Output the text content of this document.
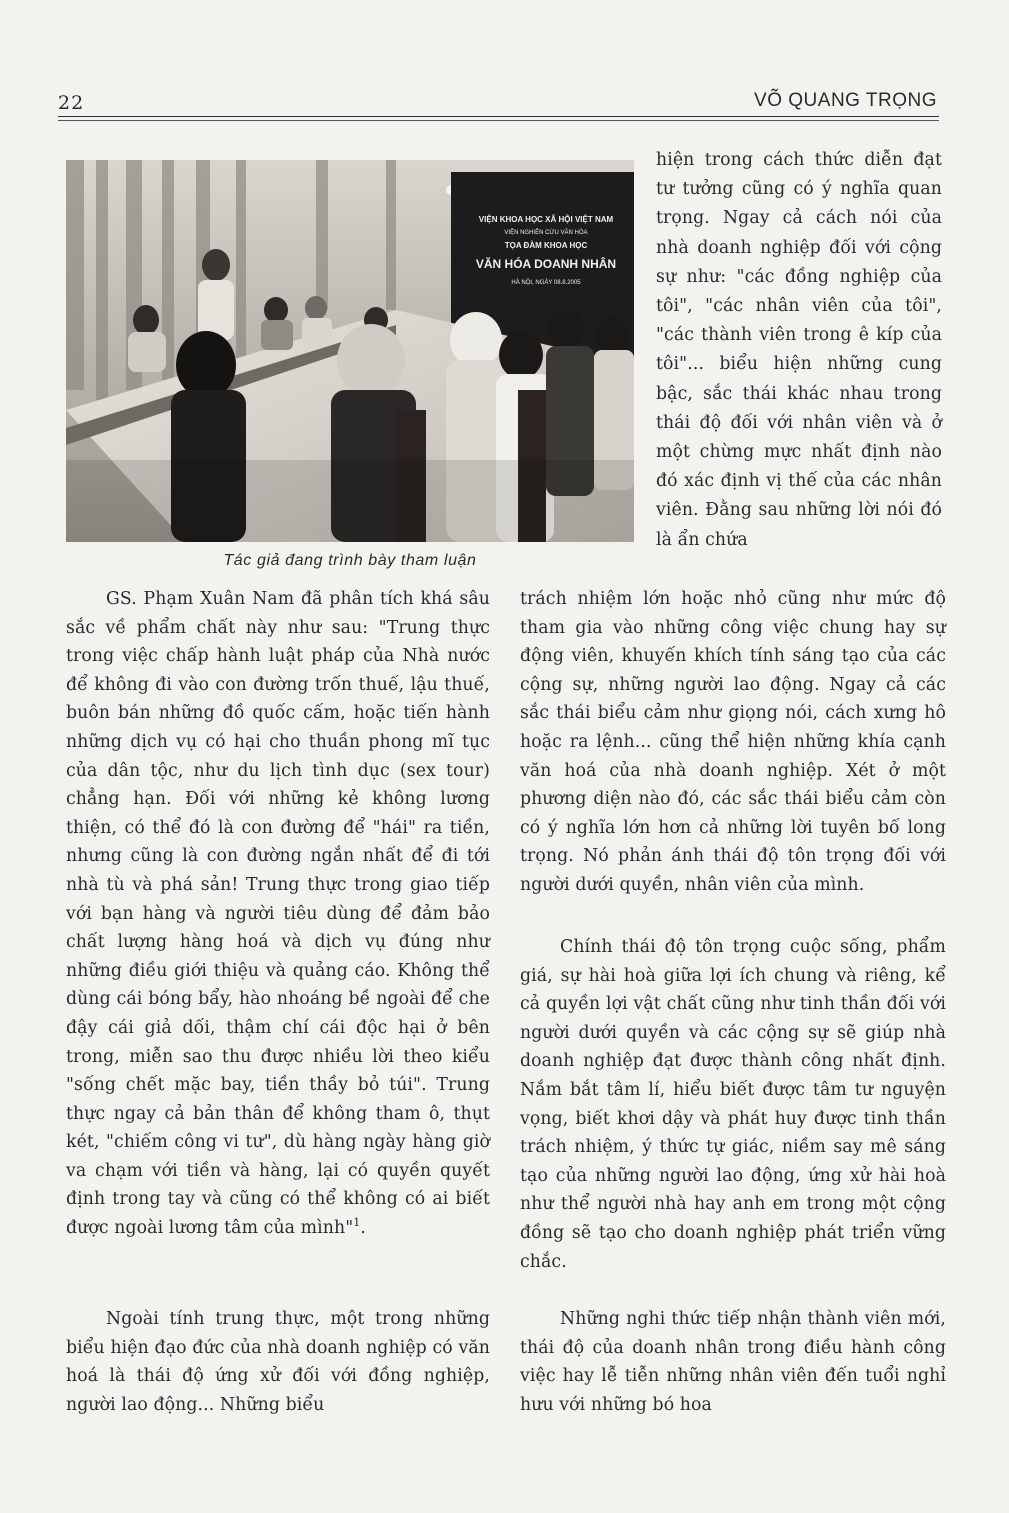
22	VÕ QUANG TRỌNG
VIỆN KHOA HỌC XÃ HỘI VIỆT NAM
VIỆN NGHIÊN CỨU VĂN HÓA
TỌA ĐÀM KHOA HỌC
VĂN HÓA DOANH NHÂN
HÀ NỘI, NGÀY 08.8.2005
Tác giả đang trình bày tham luận

hiện trong cách thức diễn đạt tư tưởng cũng có ý nghĩa quan trọng. Ngay cả cách nói của nhà doanh nghiệp đối với cộng sự như: "các đồng nghiệp của tôi", "các nhân viên của tôi", "các thành viên trong ê kíp của tôi"... biểu hiện những cung bậc, sắc thái khác nhau trong thái độ đối với nhân viên và ở một chừng mực nhất định nào đó xác định vị thế của các nhân viên. Đằng sau những lời nói đó là ẩn chứa

GS. Phạm Xuân Nam đã phân tích khá sâu sắc về phẩm chất này như sau: "Trung thực trong việc chấp hành luật pháp của Nhà nước để không đi vào con đường trốn thuế, lậu thuế, buôn bán những đồ quốc cấm, hoặc tiến hành những dịch vụ có hại cho thuần phong mĩ tục của dân tộc, như du lịch tình dục (sex tour) chẳng hạn. Đối với những kẻ không lương thiện, có thể đó là con đường để "hái" ra tiền, nhưng cũng là con đường ngắn nhất để đi tới nhà tù và phá sản! Trung thực trong giao tiếp với bạn hàng và người tiêu dùng để đảm bảo chất lượng hàng hoá và dịch vụ đúng như những điều giới thiệu và quảng cáo. Không thể dùng cái bóng bẩy, hào nhoáng bề ngoài để che đậy cái giả dối, thậm chí cái độc hại ở bên trong, miễn sao thu được nhiều lời theo kiểu "sống chết mặc bay, tiền thầy bỏ túi". Trung thực ngay cả bản thân để không tham ô, thụt két, "chiếm công vi tư", dù hàng ngày hàng giờ va chạm với tiền và hàng, lại có quyền quyết định trong tay và cũng có thể không có ai biết được ngoài lương tâm của mình"$^1$.

Ngoài tính trung thực, một trong những biểu hiện đạo đức của nhà doanh nghiệp có văn hoá là thái độ ứng xử đối với đồng nghiệp, người lao động... Những biểu

trách nhiệm lớn hoặc nhỏ cũng như mức độ tham gia vào những công việc chung hay sự động viên, khuyến khích tính sáng tạo của các cộng sự, những người lao động. Ngay cả các sắc thái biểu cảm như giọng nói, cách xưng hô hoặc ra lệnh... cũng thể hiện những khía cạnh văn hoá của nhà doanh nghiệp. Xét ở một phương diện nào đó, các sắc thái biểu cảm còn có ý nghĩa lớn hơn cả những lời tuyên bố long trọng. Nó phản ánh thái độ tôn trọng đối với người dưới quyền, nhân viên của mình.

Chính thái độ tôn trọng cuộc sống, phẩm giá, sự hài hoà giữa lợi ích chung và riêng, kể cả quyền lợi vật chất cũng như tinh thần đối với người dưới quyền và các cộng sự sẽ giúp nhà doanh nghiệp đạt được thành công nhất định. Nắm bắt tâm lí, hiểu biết được tâm tư nguyện vọng, biết khơi dậy và phát huy được tinh thần trách nhiệm, ý thức tự giác, niềm say mê sáng tạo của những người lao động, ứng xử hài hoà như thể người nhà hay anh em trong một cộng đồng sẽ tạo cho doanh nghiệp phát triển vững chắc.

Những nghi thức tiếp nhận thành viên mới, thái độ của doanh nhân trong điều hành công việc hay lễ tiễn những nhân viên đến tuổi nghỉ hưu với những bó hoa
